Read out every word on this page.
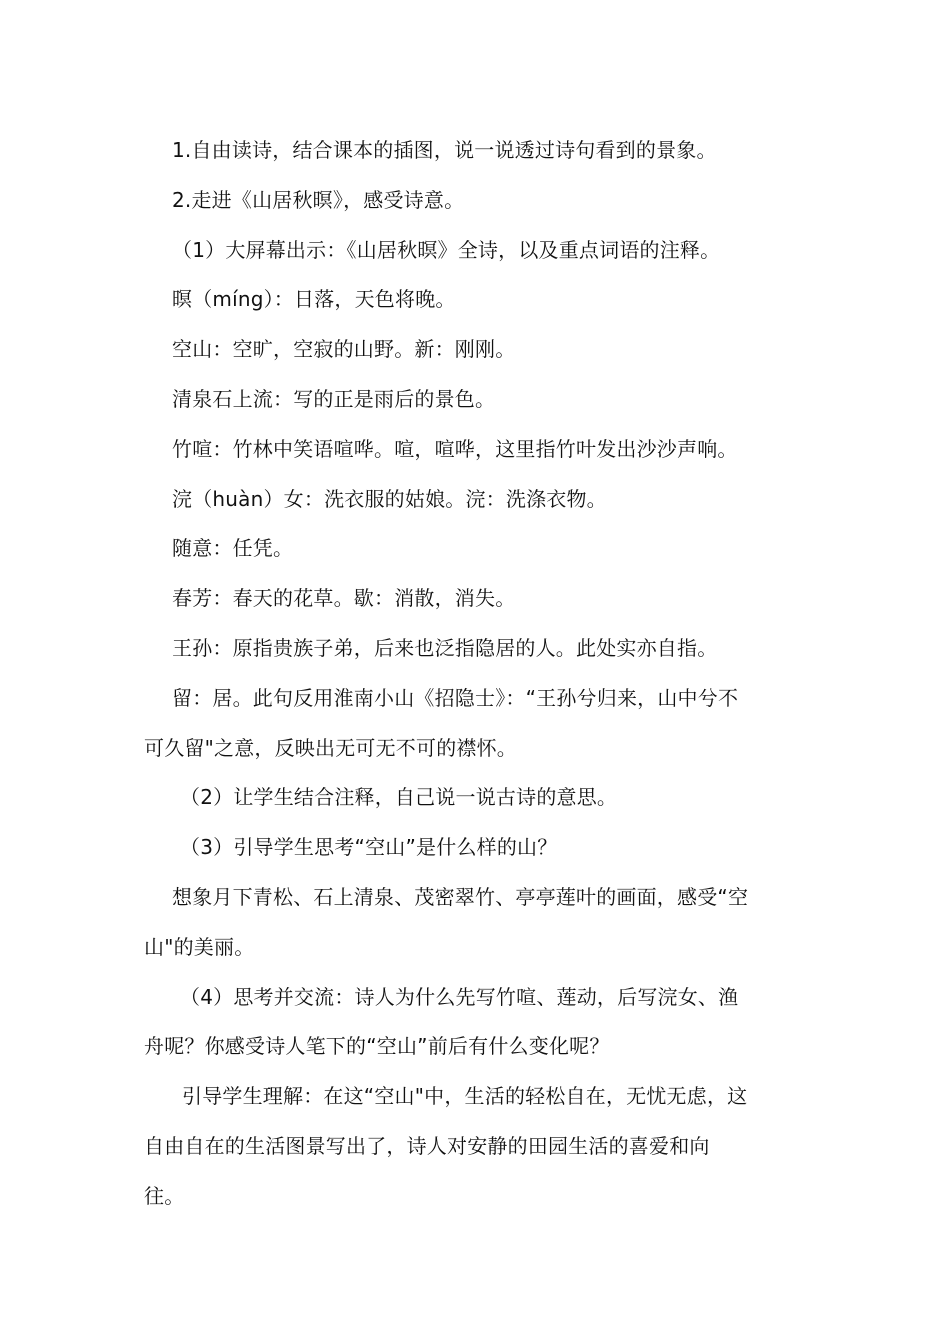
1.自由读诗，结合课本的插图，说一说透过诗句看到的景象。

2.走进《山居秋暝》，感受诗意。

（1）大屏幕出示：《山居秋暝》全诗，以及重点词语的注释。

暝（míng）：日落，天色将晚。

空山：空旷，空寂的山野。新：刚刚。

清泉石上流：写的正是雨后的景色。

竹喧：竹林中笑语喧哗。喧，喧哗，这里指竹叶发出沙沙声响。

浣（huàn）女：洗衣服的姑娘。浣：洗涤衣物。

随意：任凭。

春芳：春天的花草。歇：消散，消失。

王孙：原指贵族子弟，后来也泛指隐居的人。此处实亦自指。

留：居。此句反用淮南小山《招隐士》：“王孙兮归来，山中兮不

可久留"之意，反映出无可无不可的襟怀。

（2）让学生结合注释，自己说一说古诗的意思。

（3）引导学生思考“空山”是什么样的山？

想象月下青松、石上清泉、茂密翠竹、亭亭莲叶的画面，感受“空

山"的美丽。

（4）思考并交流：诗人为什么先写竹喧、莲动，后写浣女、渔

舟呢？你感受诗人笔下的“空山”前后有什么变化呢？

引导学生理解：在这“空山"中，生活的轻松自在，无忧无虑，这

自由自在的生活图景写出了，诗人对安静的田园生活的喜爱和向

往。
